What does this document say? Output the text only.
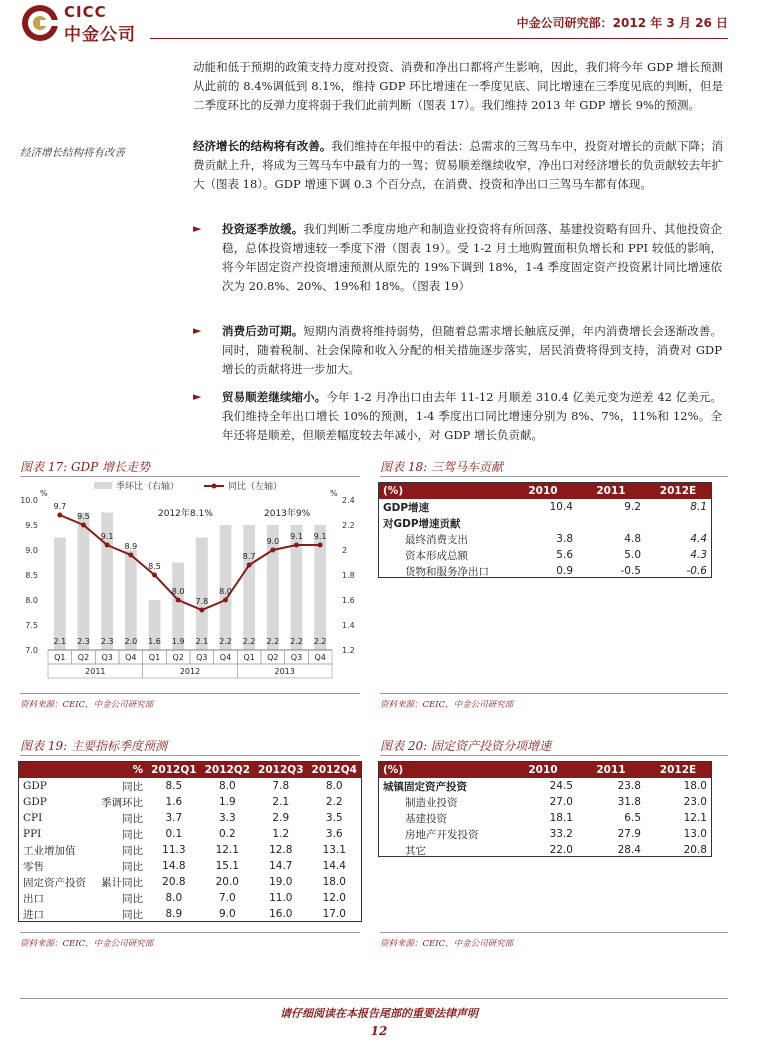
CICC
中金公司
中金公司研究部：2012 年 3 月 26 日
动能和低于预期的政策支持力度对投资、消费和净出口都将产生影响，因此，我们将今年 GDP 增长预测从此前的 8.4%调低到 8.1%，维持 GDP 环比增速在一季度见底、同比增速在三季度见底的判断，但是二季度环比的反弹力度将弱于我们此前判断（图表 17）。我们维持 2013 年 GDP 增长 9%的预测。
经济增长结构将有改善	经济增长的结构将有改善。我们维持在年报中的看法：总需求的三驾马车中，投资对增长的贡献下降；消费贡献上升，将成为三驾马车中最有力的一驾；贸易顺差继续收窄，净出口对经济增长的负贡献较去年扩大（图表 18）。GDP 增速下调 0.3 个百分点，在消费、投资和净出口三驾马车都有体现。
► 投资逐季放缓。我们判断二季度房地产和制造业投资将有所回落、基建投资略有回升、其他投资企稳，总体投资增速较一季度下滑（图表 19）。受 1-2 月土地购置面积负增长和 PPI 较低的影响，将今年固定资产投资增速预测从原先的 19%下调到 18%，1-4 季度固定资产投资累计同比增速依次为 20.8%、20%、19%和 18%。（图表 19）
► 消费后劲可期。短期内消费将维持弱势，但随着总需求增长触底反弹，年内消费增长会逐渐改善。同时，随着税制、社会保障和收入分配的相关措施逐步落实，居民消费将得到支持，消费对 GDP 增长的贡献将进一步加大。
► 贸易顺差继续缩小。今年 1-2 月净出口由去年 11-12 月顺差 310.4 亿美元变为逆差 42 亿美元。我们维持全年出口增长 10%的预测，1-4 季度出口同比增速分别为 8%、7%，11%和 12%。全年还将是顺差，但顺差幅度较去年减小，对 GDP 增长负贡献。
图表 17: GDP 增长走势
季环比（右轴）	同比（左轴）
%	%
10.0
9.5
9.0
8.5
8.0
7.5
7.0
2.4
2.2
2
1.8
1.6
1.4
1.2
2.1 2.3 2.3 2.0 1.6 1.9 2.1 2.2 2.2 2.2 2.2 2.2
9.7
9.5
9.1
8.9
8.5
8.0
7.8
8.0
8.7
9.0
9.1 9.1
2012年8.1%	2013年9%
Q1 Q2 Q3 Q4 Q1 Q2 Q3 Q4 Q1 Q2 Q3 Q4
2011	2012	2013
资料来源：CEIC，中金公司研究部
图表 18: 三驾马车贡献
(%)	2010	2011	2012E
GDP增速	10.4	9.2	8.1
对GDP增速贡献			
最终消费支出	3.8	4.8	4.4
资本形成总额	5.6	5.0	4.3
货物和服务净出口	0.9	-0.5	-0.6
资料来源：CEIC，中金公司研究部
图表 19: 主要指标季度预测
	%	2012Q1	2012Q2	2012Q3	2012Q4
GDP	同比	8.5	8.0	7.8	8.0
GDP	季调环比	1.6	1.9	2.1	2.2
CPI	同比	3.7	3.3	2.9	3.5
PPI	同比	0.1	0.2	1.2	3.6
工业增加值	同比	11.3	12.1	12.8	13.1
零售	同比	14.8	15.1	14.7	14.4
固定资产投资	累计同比	20.8	20.0	19.0	18.0
出口	同比	8.0	7.0	11.0	12.0
进口	同比	8.9	9.0	16.0	17.0
资料来源：CEIC，中金公司研究部
图表 20: 固定资产投资分项增速
(%)	2010	2011	2012E
城镇固定资产投资	24.5	23.8	18.0
制造业投资	27.0	31.8	23.0
基建投资	18.1	6.5	12.1
房地产开发投资	33.2	27.9	13.0
其它	22.0	28.4	20.8
资料来源：CEIC，中金公司研究部
请仔细阅读在本报告尾部的重要法律声明
12
